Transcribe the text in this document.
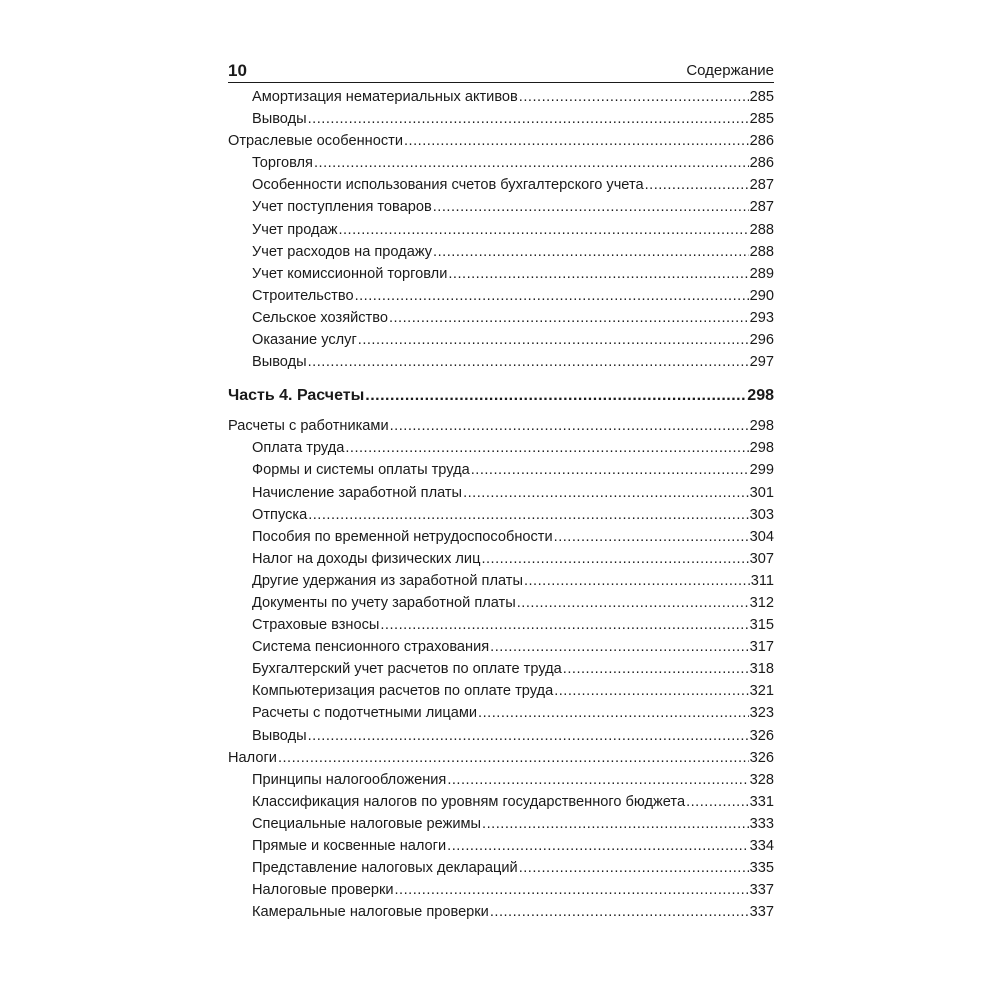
10	Содержание
Амортизация нематериальных активов .....	285
Выводы .....	285
Отраслевые особенности .....	286
Торговля .....	286
Особенности использования счетов бухгалтерского учета .....	287
Учет поступления товаров .....	287
Учет продаж .....	288
Учет расходов на продажу .....	288
Учет комиссионной торговли .....	289
Строительство .....	290
Сельское хозяйство .....	293
Оказание услуг .....	296
Выводы .....	297
Часть 4. Расчеты .....	298
Расчеты с работниками .....	298
Оплата труда .....	298
Формы и системы оплаты труда .....	299
Начисление заработной платы .....	301
Отпуска .....	303
Пособия по временной нетрудоспособности .....	304
Налог на доходы физических лиц .....	307
Другие удержания из заработной платы .....	311
Документы по учету заработной платы .....	312
Страховые взносы .....	315
Система пенсионного страхования .....	317
Бухгалтерский учет расчетов по оплате труда .....	318
Компьютеризация расчетов по оплате труда .....	321
Расчеты с подотчетными лицами .....	323
Выводы .....	326
Налоги .....	326
Принципы налогообложения .....	328
Классификация налогов по уровням государственного бюджета .....	331
Специальные налоговые режимы .....	333
Прямые и косвенные налоги .....	334
Представление налоговых деклараций .....	335
Налоговые проверки .....	337
Камеральные налоговые проверки .....	337
